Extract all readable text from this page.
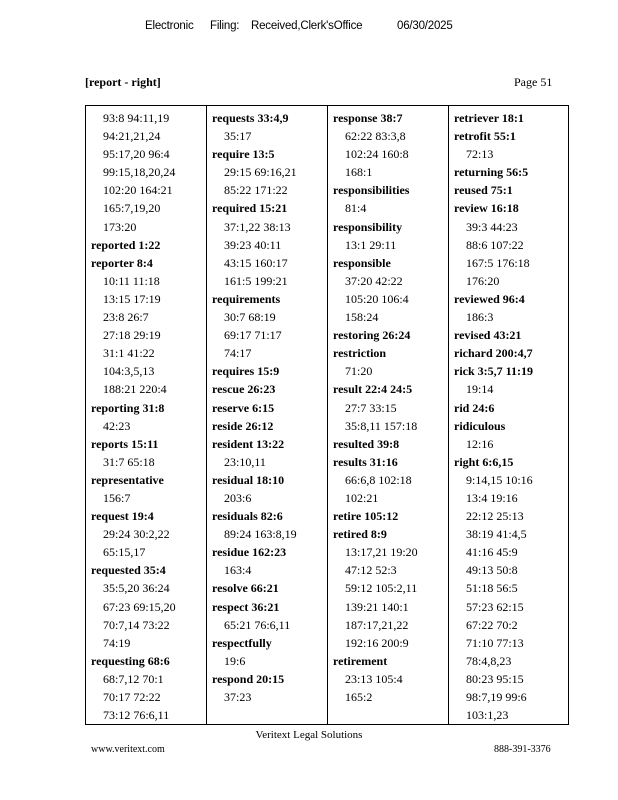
Electronic Filing: Received,Clerk'sOffice	06/30/2025
[report - right]	Page 51
93:8 94:11,19
94:21,21,24
95:17,20 96:4
99:15,18,20,24
102:20 164:21
165:7,19,20
173:20
reported 1:22
reporter 8:4
10:11 11:18
13:15 17:19
23:8 26:7
27:18 29:19
31:1 41:22
104:3,5,13
188:21 220:4
reporting 31:8
42:23
reports 15:11
31:7 65:18
representative
156:7
request 19:4
29:24 30:2,22
65:15,17
requested 35:4
35:5,20 36:24
67:23 69:15,20
70:7,14 73:22
74:19
requesting 68:6
68:7,12 70:1
70:17 72:22
73:12 76:6,11
requests 33:4,9
35:17
require 13:5
29:15 69:16,21
85:22 171:22
required 15:21
37:1,22 38:13
39:23 40:11
43:15 160:17
161:5 199:21
requirements
30:7 68:19
69:17 71:17
74:17
requires 15:9
rescue 26:23
reserve 6:15
reside 26:12
resident 13:22
23:10,11
residual 18:10
203:6
residuals 82:6
89:24 163:8,19
residue 162:23
163:4
resolve 66:21
respect 36:21
65:21 76:6,11
respectfully
19:6
respond 20:15
37:23
response 38:7
62:22 83:3,8
102:24 160:8
168:1
responsibilities
81:4
responsibility
13:1 29:11
responsible
37:20 42:22
105:20 106:4
158:24
restoring 26:24
restriction
71:20
result 22:4 24:5
27:7 33:15
35:8,11 157:18
resulted 39:8
results 31:16
66:6,8 102:18
102:21
retire 105:12
retired 8:9
13:17,21 19:20
47:12 52:3
59:12 105:2,11
139:21 140:1
187:17,21,22
192:16 200:9
retirement
23:13 105:4
165:2
retriever 18:1
retrofit 55:1
72:13
returning 56:5
reused 75:1
review 16:18
39:3 44:23
88:6 107:22
167:5 176:18
176:20
reviewed 96:4
186:3
revised 43:21
richard 200:4,7
rick 3:5,7 11:19
19:14
rid 24:6
ridiculous
12:16
right 6:6,15
9:14,15 10:16
13:4 19:16
22:12 25:13
38:19 41:4,5
41:16 45:9
49:13 50:8
51:18 56:5
57:23 62:15
67:22 70:2
71:10 77:13
78:4,8,23
80:23 95:15
98:7,19 99:6
103:1,23
Veritext Legal Solutions
www.veritext.com	888-391-3376
